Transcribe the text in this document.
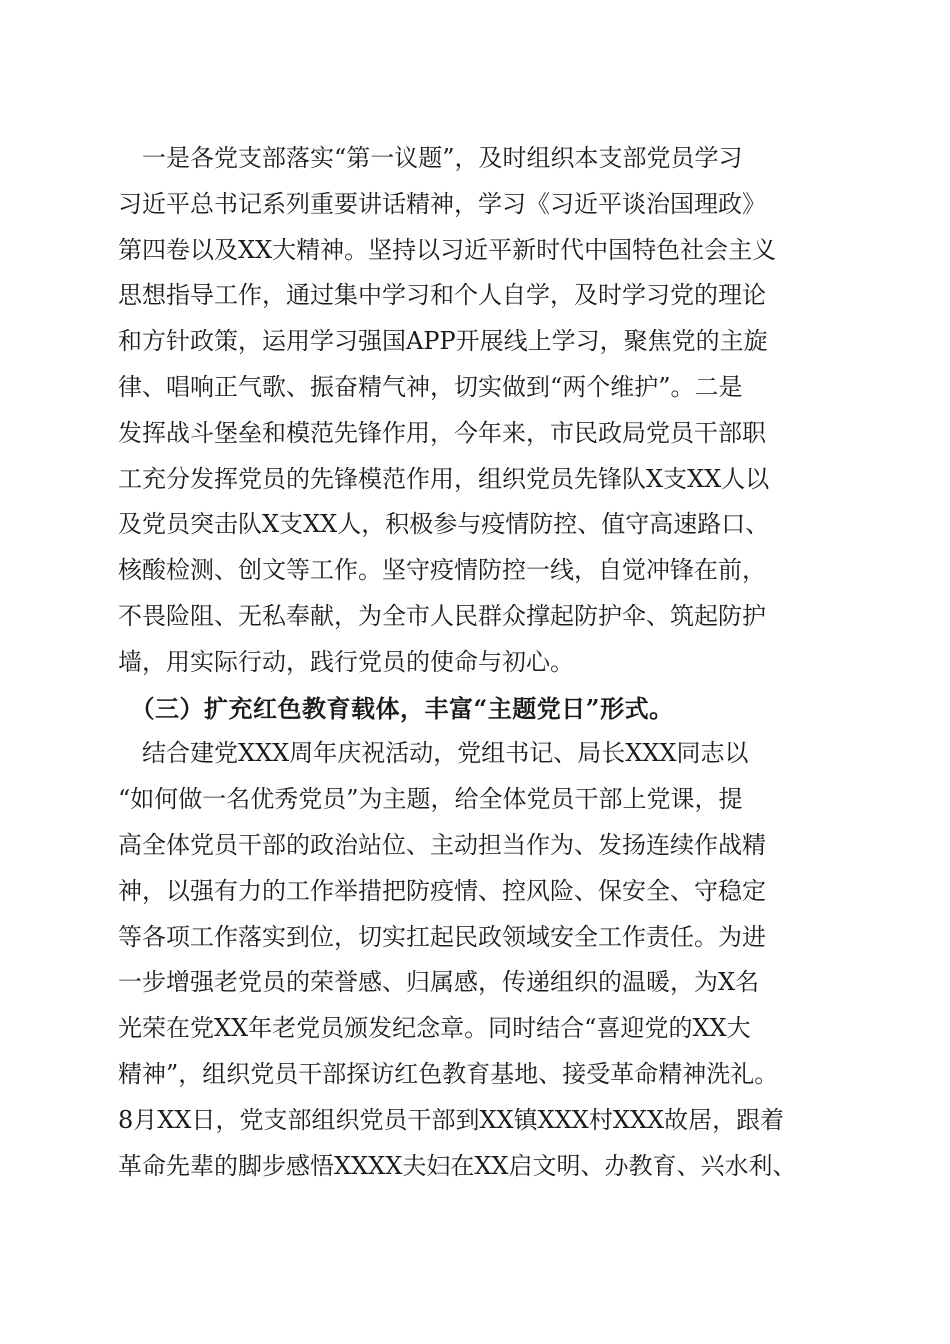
　一是各党支部落实“第一议题”，及时组织本支部党员学习
习近平总书记系列重要讲话精神，学习《习近平谈治国理政》
第四卷以及XX大精神。坚持以习近平新时代中国特色社会主义
思想指导工作，通过集中学习和个人自学，及时学习党的理论
和方针政策，运用学习强国APP开展线上学习，聚焦党的主旋
律、唱响正气歌、振奋精气神，切实做到“两个维护”。二是
发挥战斗堡垒和模范先锋作用，今年来，市民政局党员干部职
工充分发挥党员的先锋模范作用，组织党员先锋队X支XX人以
及党员突击队X支XX人，积极参与疫情防控、值守高速路口、
核酸检测、创文等工作。坚守疫情防控一线，自觉冲锋在前，
不畏险阻、无私奉献，为全市人民群众撑起防护伞、筑起防护
墙，用实际行动，践行党员的使命与初心。
　（三）扩充红色教育载体，丰富“主题党日”形式。
　结合建党XXX周年庆祝活动，党组书记、局长XXX同志以
“如何做一名优秀党员”为主题，给全体党员干部上党课，提
高全体党员干部的政治站位、主动担当作为、发扬连续作战精
神，以强有力的工作举措把防疫情、控风险、保安全、守稳定
等各项工作落实到位，切实扛起民政领域安全工作责任。为进
一步增强老党员的荣誉感、归属感，传递组织的温暖，为X名
光荣在党XX年老党员颁发纪念章。同时结合“喜迎党的XX大
精神”，组织党员干部探访红色教育基地、接受革命精神洗礼。
8月XX日，党支部组织党员干部到XX镇XXX村XXX故居，跟着
革命先辈的脚步感悟XXXX夫妇在XX启文明、办教育、兴水利、
